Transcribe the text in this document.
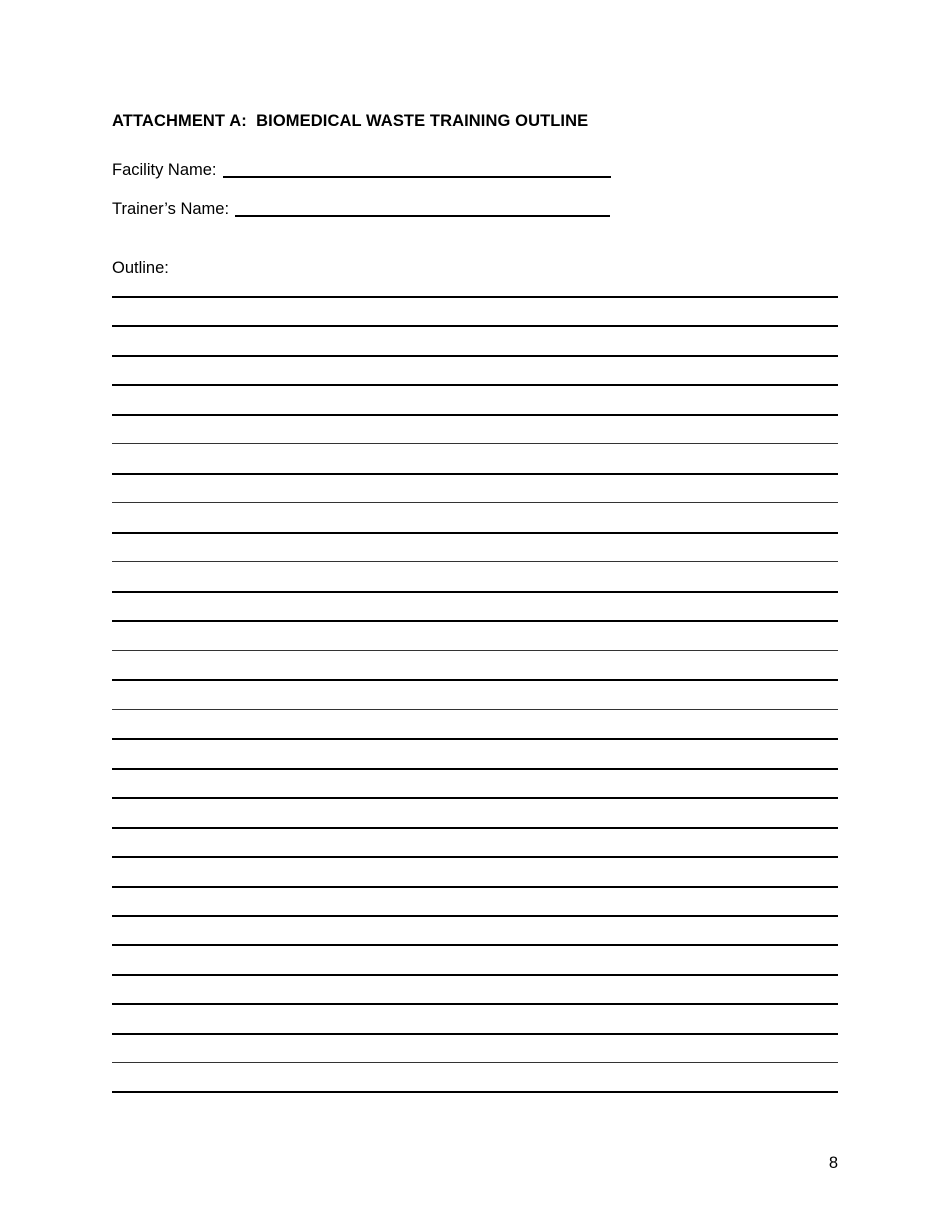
ATTACHMENT A:  BIOMEDICAL WASTE TRAINING OUTLINE
Facility Name:
Trainer’s Name:
Outline:
8
